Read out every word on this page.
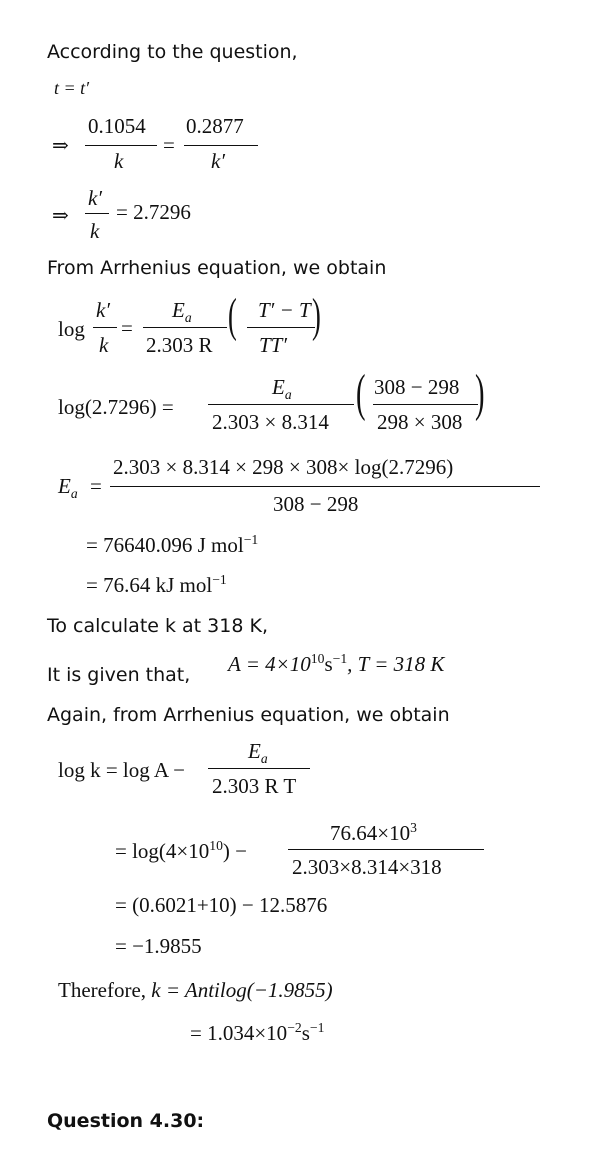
According to the question,
t = t′
⇒
0.1054
k
=
0.2877
k′
⇒
k′
k
= 2.7296
From Arrhenius equation, we obtain
log
k′
k
=
$E_a$
2.303 R
( T′ − T
TT′
)
log(2.7296) =
$E_a$
2.303 × 8.314 ( 308 − 298
298 × 308 )
$E_a$ =
2.303 × 8.314 × 298 × 308× log(2.7296)
308 − 298
= 76640.096 J mol$^{-1}$
= 76.64 kJ mol$^{-1}$
To calculate k at 318 K,
It is given that, $A = 4\times 10^{10}s^{-1}$, T = 318 K
Again, from Arrhenius equation, we obtain
log k = log A −
$E_a$
2.303 R T
= $\log(4\times 10^{10})$ −
$76.64\times 10^3$
2.303×8.314×318
= (0.6021+10) − 12.5876
= −1.9855
Therefore, k = Antilog(−1.9855)
= $1.034\times 10^{-2}s^{-1}$
Question 4.30:
